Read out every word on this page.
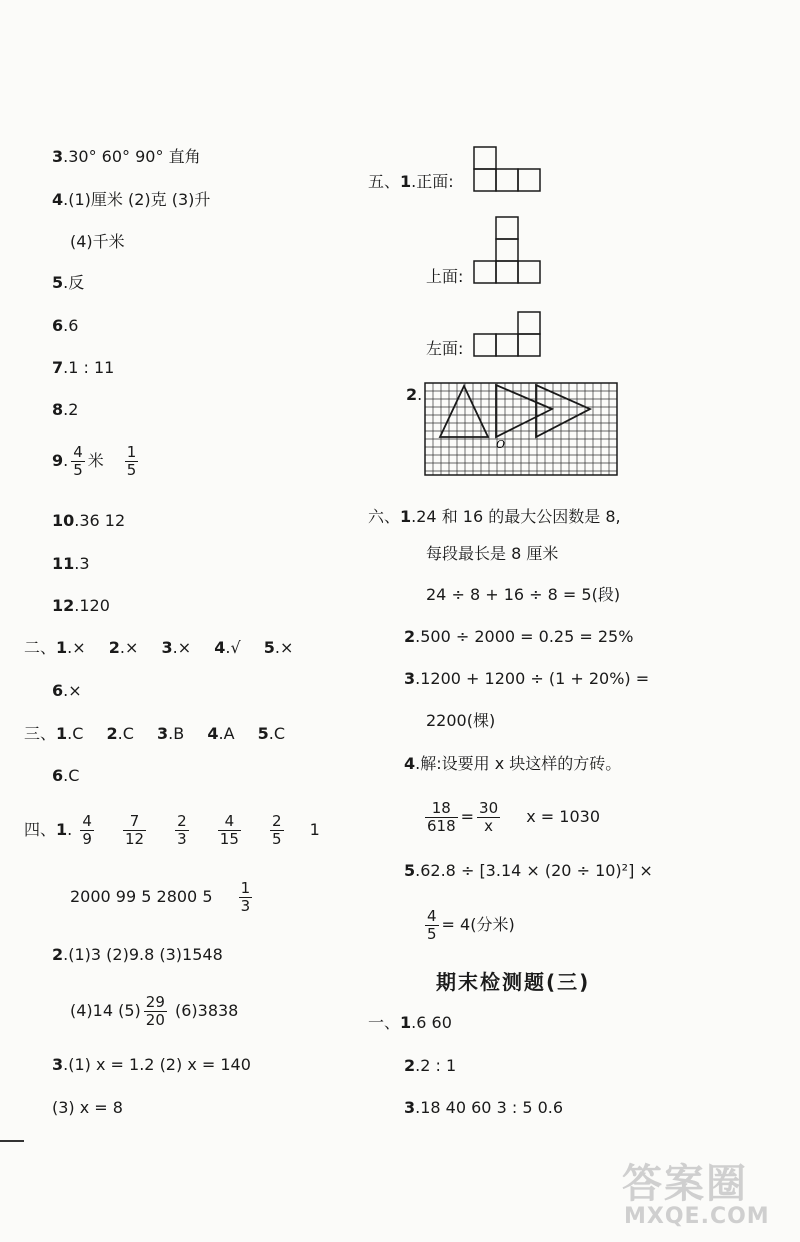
3.30° 60° 90° 直角
4.(1)厘米 (2)克 (3)升
(4)千米
5.反
6.6
7.1 : 11
8.2
9. $\frac{4}{5}$ 米 $\frac{1}{5}$
10.36 12
11.3
12.120
二、1.× 2.× 3.× 4.√ 5.×
6.×
三、1.C 2.C 3.B 4.A 5.C
6.C
四、1. $\frac{4}{9}$
$\frac{7}{12}$
$\frac{2}{3}$
$\frac{4}{15}$
$\frac{2}{5} 1$
2000 99 5 2800 $5 \frac{1}{3}$
2.(1)3 (2)9.8 (3)1548
(4)14 $(5) \frac{29}{20} (6)3838$
3.(1) x = 1.2 (2) x = 140
(3) x = 8
五、1.正面:
上面:
左面:
2.
O
六、1.24 和 16 的最大公因数是 8,
每段最长是 8 厘米
24 ÷ 8 + 16 ÷ 8 = 5(段)
2.500 ÷ 2000 = 0.25 = 25%
3.1200 + 1200 ÷ (1 + 20%) =
2200(棵)
4.解:设要用 x 块这样的方砖。
$\frac{18}{618} = \frac{30}{x}$ x = 1030
5.62.8 ÷ [3.14 × (20 ÷ 10)²] ×
$\frac{4}{5} = 4$(分米)
期末检测题(三)
一、1.6 60
2.2 : 1
3.18 40 60 3 : 5 0.6
答案圈
MXQE.COM
